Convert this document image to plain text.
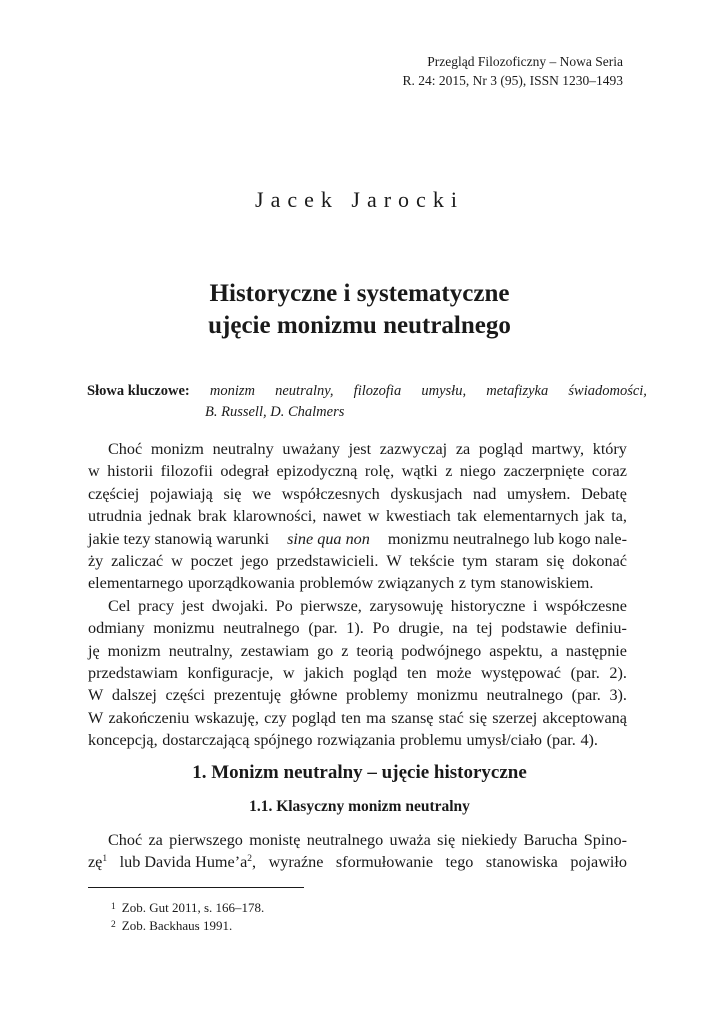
Przegląd Filozoficzny – Nowa Seria
R. 24: 2015, Nr 3 (95), ISSN 1230–1493
Jacek Jarocki
Historyczne i systematyczne
ujęcie monizmu neutralnego
Słowa kluczowe: monizm neutralny, filozofia umysłu, metafizyka świadomości,
B. Russell, D. Chalmers
Choć monizm neutralny uważany jest zazwyczaj za pogląd martwy, który
w historii filozofii odegrał epizodyczną rolę, wątki z niego zaczerpnięte coraz
częściej pojawiają się we współczesnych dyskusjach nad umysłem. Debatę
utrudnia jednak brak klarowności, nawet w kwestiach tak elementarnych jak ta,
jakie tezy stanowią warunki sine qua non monizmu neutralnego lub kogo nale-
ży zaliczać w poczet jego przedstawicieli. W tekście tym staram się dokonać
elementarnego uporządkowania problemów związanych z tym stanowiskiem.
Cel pracy jest dwojaki. Po pierwsze, zarysowuję historyczne i współczesne
odmiany monizmu neutralnego (par. 1). Po drugie, na tej podstawie definiu-
ję monizm neutralny, zestawiam go z teorią podwójnego aspektu, a następnie
przedstawiam konfiguracje, w jakich pogląd ten może występować (par. 2).
W dalszej części prezentuję główne problemy monizmu neutralnego (par. 3).
W zakończeniu wskazuję, czy pogląd ten ma szansę stać się szerzej akceptowaną
koncepcją, dostarczającą spójnego rozwiązania problemu umysł/ciało (par. 4).
1. Monizm neutralny – ujęcie historyczne
1.1. Klasyczny monizm neutralny
Choć za pierwszego monistę neutralnego uważa się niekiedy Barucha Spino-
$zę^1$ lub Davida $Hume’a^2$, wyraźne sformułowanie tego stanowiska pojawiło
$^1$ Zob. Gut 2011, s. 166–178.
$^2$ Zob. Backhaus 1991.
